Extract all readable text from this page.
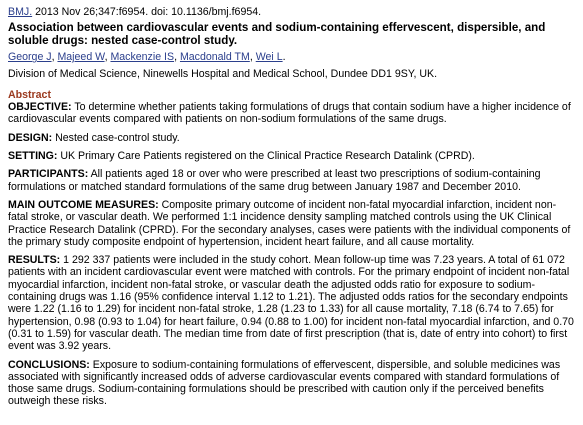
BMJ. 2013 Nov 26;347:f6954. doi: 10.1136/bmj.f6954.
Association between cardiovascular events and sodium-containing effervescent, dispersible, and soluble drugs: nested case-control study.
George J, Majeed W, Mackenzie IS, Macdonald TM, Wei L.
Division of Medical Science, Ninewells Hospital and Medical School, Dundee DD1 9SY, UK.
Abstract
OBJECTIVE: To determine whether patients taking formulations of drugs that contain sodium have a higher incidence of cardiovascular events compared with patients on non-sodium formulations of the same drugs.
DESIGN: Nested case-control study.
SETTING: UK Primary Care Patients registered on the Clinical Practice Research Datalink (CPRD).
PARTICIPANTS: All patients aged 18 or over who were prescribed at least two prescriptions of sodium-containing formulations or matched standard formulations of the same drug between January 1987 and December 2010.
MAIN OUTCOME MEASURES: Composite primary outcome of incident non-fatal myocardial infarction, incident non-fatal stroke, or vascular death. We performed 1:1 incidence density sampling matched controls using the UK Clinical Practice Research Datalink (CPRD). For the secondary analyses, cases were patients with the individual components of the primary study composite endpoint of hypertension, incident heart failure, and all cause mortality.
RESULTS: 1 292 337 patients were included in the study cohort. Mean follow-up time was 7.23 years. A total of 61 072 patients with an incident cardiovascular event were matched with controls. For the primary endpoint of incident non-fatal myocardial infarction, incident non-fatal stroke, or vascular death the adjusted odds ratio for exposure to sodium-containing drugs was 1.16 (95% confidence interval 1.12 to 1.21). The adjusted odds ratios for the secondary endpoints were 1.22 (1.16 to 1.29) for incident non-fatal stroke, 1.28 (1.23 to 1.33) for all cause mortality, 7.18 (6.74 to 7.65) for hypertension, 0.98 (0.93 to 1.04) for heart failure, 0.94 (0.88 to 1.00) for incident non-fatal myocardial infarction, and 0.70 (0.31 to 1.59) for vascular death. The median time from date of first prescription (that is, date of entry into cohort) to first event was 3.92 years.
CONCLUSIONS: Exposure to sodium-containing formulations of effervescent, dispersible, and soluble medicines was associated with significantly increased odds of adverse cardiovascular events compared with standard formulations of those same drugs. Sodium-containing formulations should be prescribed with caution only if the perceived benefits outweigh these risks.
